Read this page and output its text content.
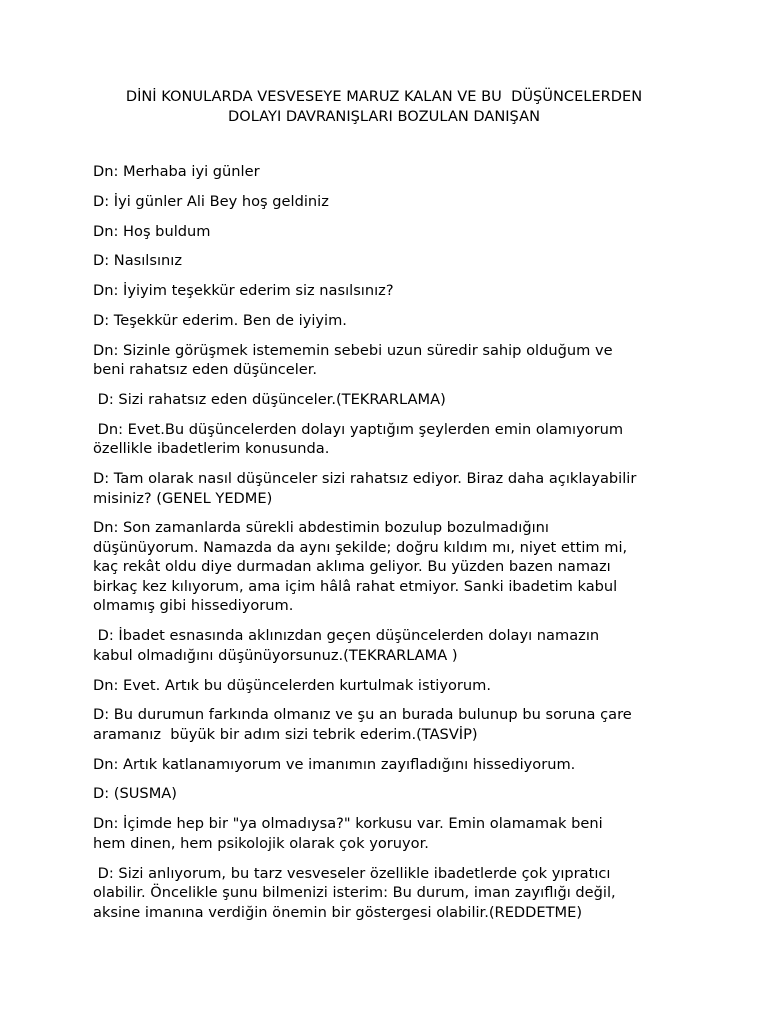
DİNİ KONULARDA VESVESEYE MARUZ KALAN VE BU  DÜŞÜNCELERDEN
DOLAYI DAVRANIŞLARI BOZULAN DANIŞAN

Dn: Merhaba iyi günler

D: İyi günler Ali Bey hoş geldiniz

Dn: Hoş buldum

D: Nasılsınız

Dn: İyiyim teşekkür ederim siz nasılsınız?

D: Teşekkür ederim. Ben de iyiyim.

Dn: Sizinle görüşmek istememin sebebi uzun süredir sahip olduğum ve
beni rahatsız eden düşünceler.

D: Sizi rahatsız eden düşünceler.(TEKRARLAMA)

Dn: Evet.Bu düşüncelerden dolayı yaptığım şeylerden emin olamıyorum
özellikle ibadetlerim konusunda.

D: Tam olarak nasıl düşünceler sizi rahatsız ediyor. Biraz daha açıklayabilir
misiniz? (GENEL YEDME)

Dn: Son zamanlarda sürekli abdestimin bozulup bozulmadığını
düşünüyorum. Namazda da aynı şekilde; doğru kıldım mı, niyet ettim mi,
kaç rekât oldu diye durmadan aklıma geliyor. Bu yüzden bazen namazı
birkaç kez kılıyorum, ama içim hâlâ rahat etmiyor. Sanki ibadetim kabul
olmamış gibi hissediyorum.

D: İbadet esnasında aklınızdan geçen düşüncelerden dolayı namazın
kabul olmadığını düşünüyorsunuz.(TEKRARLAMA )

Dn: Evet. Artık bu düşüncelerden kurtulmak istiyorum.

D: Bu durumun farkında olmanız ve şu an burada bulunup bu soruna çare
aramanız  büyük bir adım sizi tebrik ederim.(TASVİP)

Dn: Artık katlanamıyorum ve imanımın zayıfladığını hissediyorum.

D: (SUSMA)

Dn: İçimde hep bir "ya olmadıysa?" korkusu var. Emin olamamak beni
hem dinen, hem psikolojik olarak çok yoruyor.

D: Sizi anlıyorum, bu tarz vesveseler özellikle ibadetlerde çok yıpratıcı
olabilir. Öncelikle şunu bilmenizi isterim: Bu durum, iman zayıflığı değil,
aksine imanına verdiğin önemin bir göstergesi olabilir.(REDDETME)
